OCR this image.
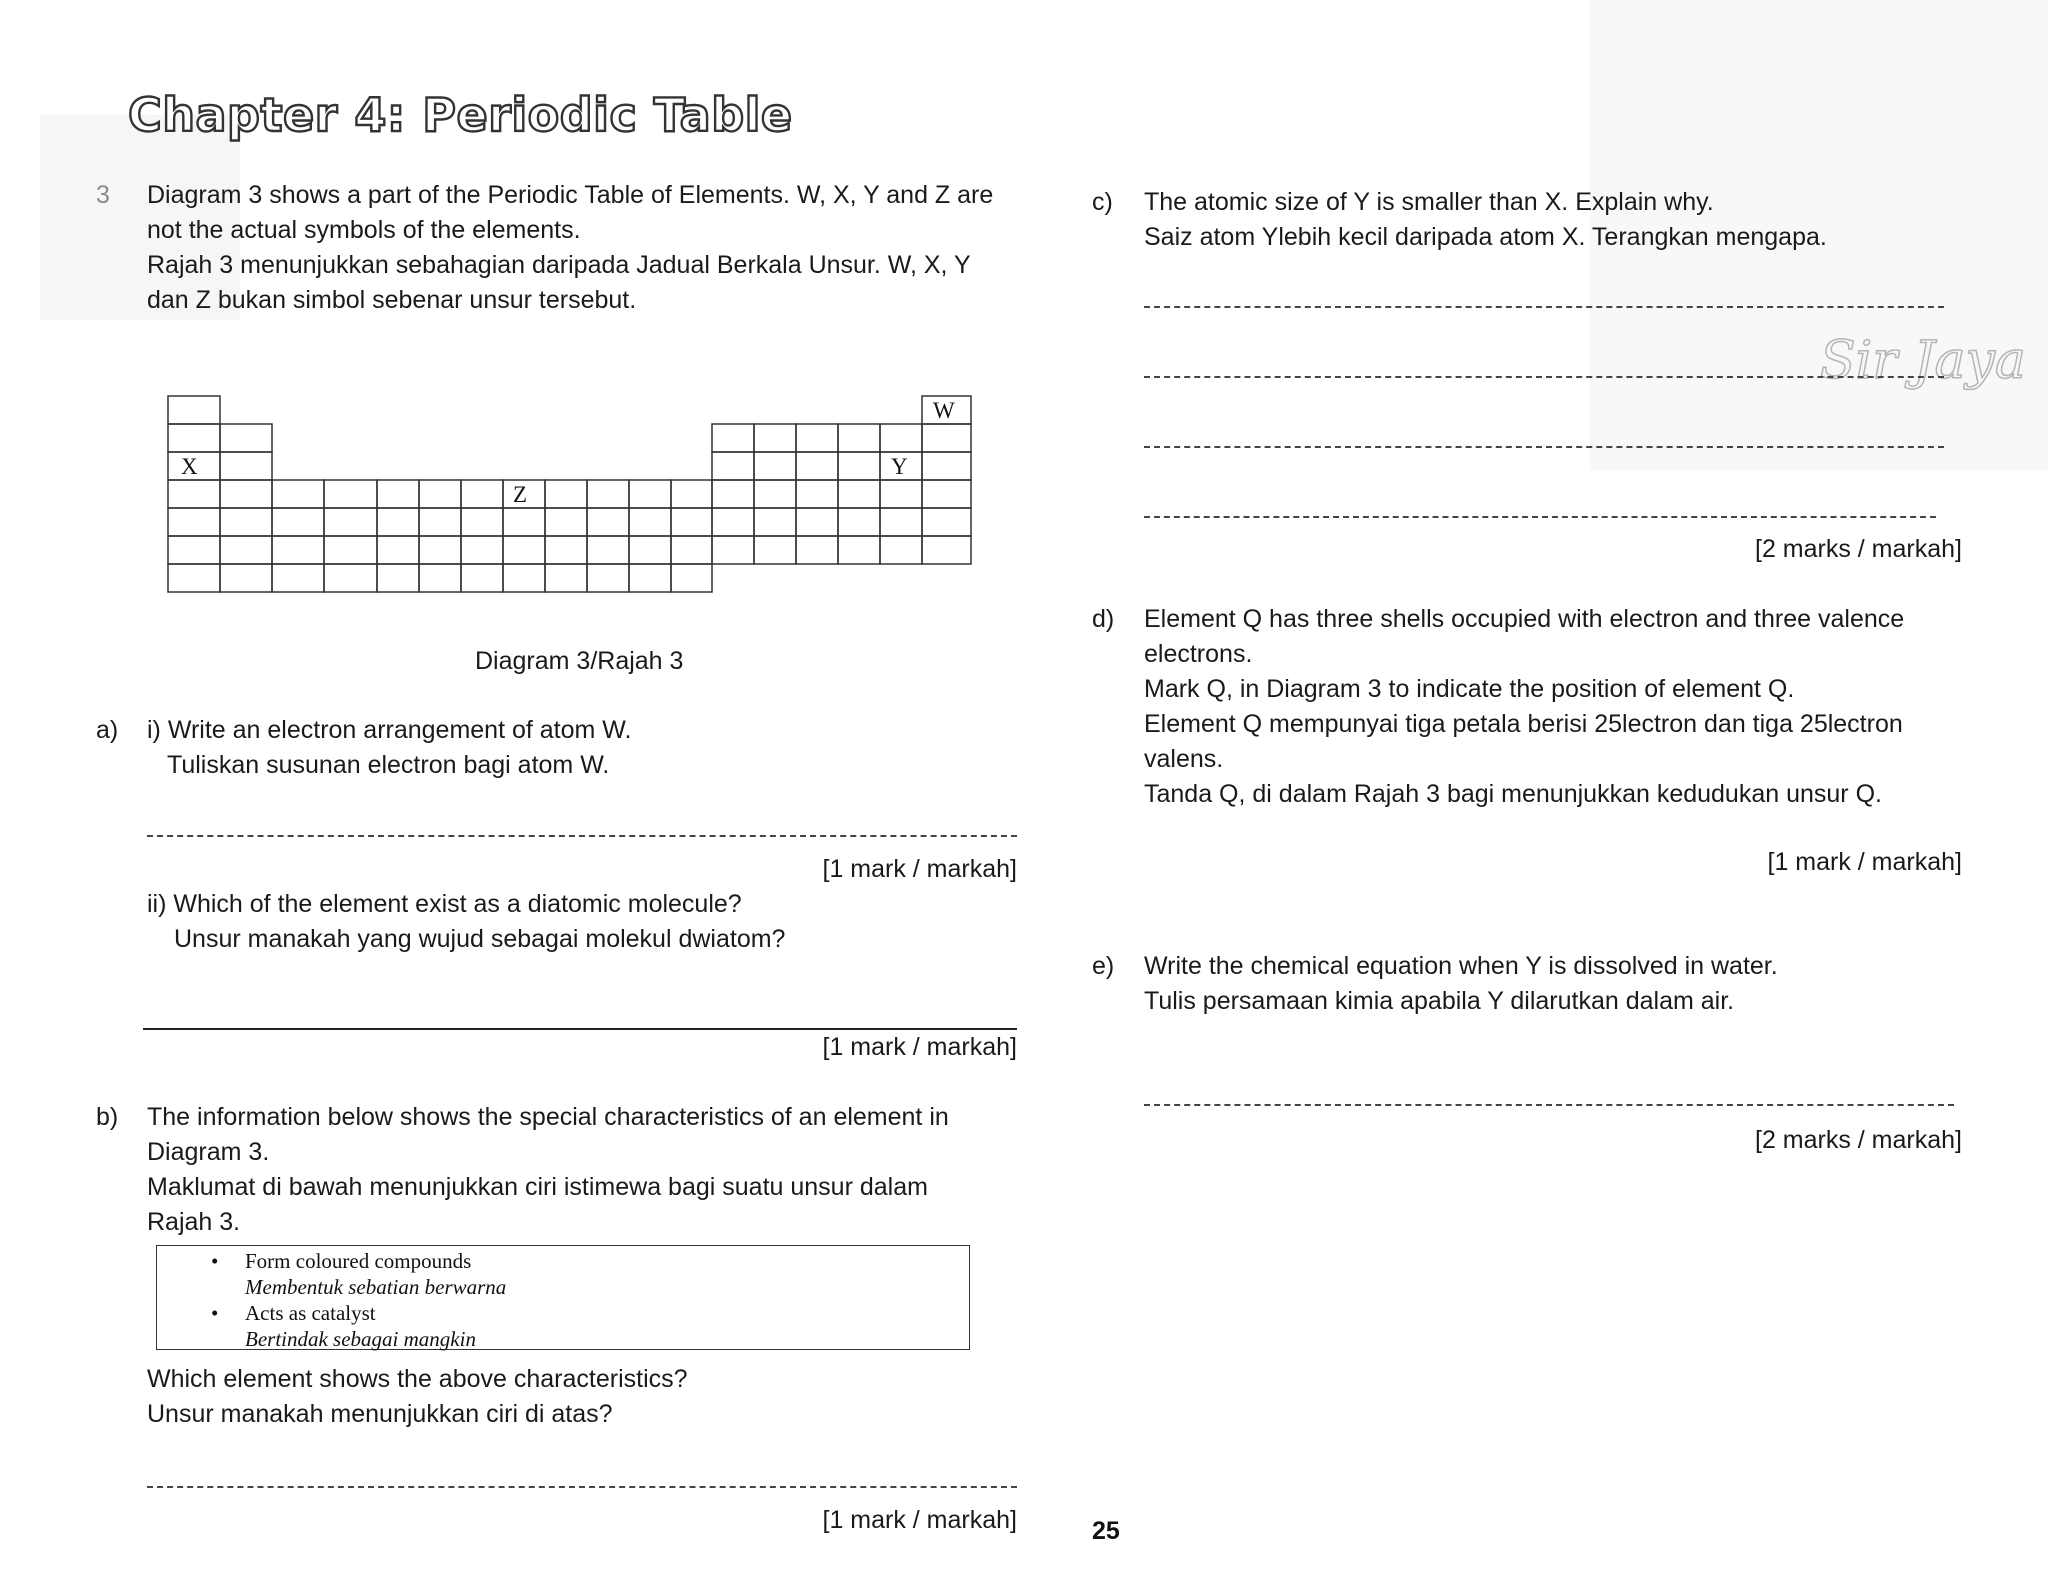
Chapter 4: Periodic Table
3 Diagram 3 shows a part of the Periodic Table of Elements. W, X, Y and Z are
not the actual symbols of the elements.
Rajah 3 menunjukkan sebahagian daripada Jadual Berkala Unsur. W, X, Y
dan Z bukan simbol sebenar unsur tersebut.
X
Z
Y
W
Sir Jaya
Diagram 3/Rajah 3
a) i) Write an electron arrangement of atom W.
Tuliskan susunan electron bagi atom W.
[1 mark / markah]
ii) Which of the element exist as a diatomic molecule?
Unsur manakah yang wujud sebagai molekul dwiatom?
[1 mark / markah]
b) The information below shows the special characteristics of an element in
Diagram 3.
Maklumat di bawah menunjukkan ciri istimewa bagi suatu unsur dalam
Rajah 3.
• Form coloured compounds
Membentuk sebatian berwarna
• Acts as catalyst
Bertindak sebagai mangkin
Which element shows the above characteristics?
Unsur manakah menunjukkan ciri di atas?
[1 mark / markah]
c) The atomic size of Y is smaller than X. Explain why.
Saiz atom Ylebih kecil daripada atom X. Terangkan mengapa.
[2 marks / markah]
d) Element Q has three shells occupied with electron and three valence
electrons.
Mark Q, in Diagram 3 to indicate the position of element Q.
Element Q mempunyai tiga petala berisi 25lectron dan tiga 25lectron
valens.
Tanda Q, di dalam Rajah 3 bagi menunjukkan kedudukan unsur Q.
[1 mark / markah]
e) Write the chemical equation when Y is dissolved in water.
Tulis persamaan kimia apabila Y dilarutkan dalam air.
[2 marks / markah]
25
